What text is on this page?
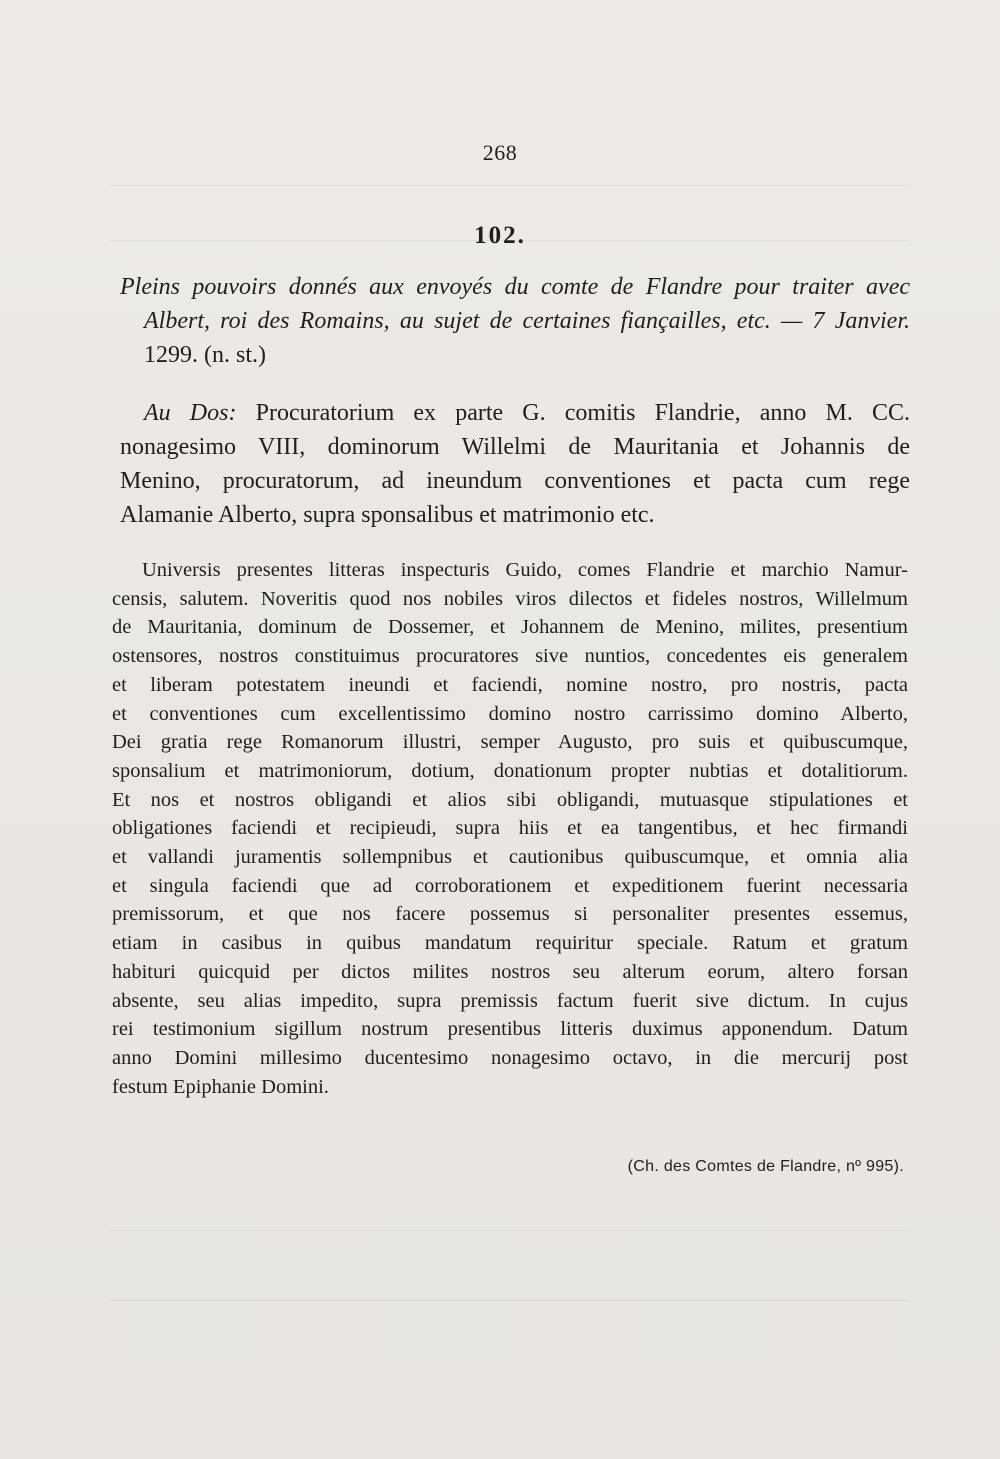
268
102.
Pleins pouvoirs donnés aux envoyés du comte de Flandre pour traiter avec
Albert, roi des Romains, au sujet de certaines fiançailles, etc. — 7 Janvier.
1299. (n. st.)
Au Dos: Procuratorium ex parte G. comitis Flandrie, anno M. CC.
nonagesimo VIII, dominorum Willelmi de Mauritania et Johannis de
Menino, procuratorum, ad ineundum conventiones et pacta cum rege
Alamanie Alberto, supra sponsalibus et matrimonio etc.
Universis presentes litteras inspecturis Guido, comes Flandrie et marchio Namur-
censis, salutem. Noveritis quod nos nobiles viros dilectos et fideles nostros, Willelmum
de Mauritania, dominum de Dossemer, et Johannem de Menino, milites, presentium
ostensores, nostros constituimus procuratores sive nuntios, concedentes eis generalem
et liberam potestatem ineundi et faciendi, nomine nostro, pro nostris, pacta
et conventiones cum excellentissimo domino nostro carrissimo domino Alberto,
Dei gratia rege Romanorum illustri, semper Augusto, pro suis et quibuscumque,
sponsalium et matrimoniorum, dotium, donationum propter nubtias et dotalitiorum.
Et nos et nostros obligandi et alios sibi obligandi, mutuasque stipulationes et
obligationes faciendi et recipieudi, supra hiis et ea tangentibus, et hec firmandi
et vallandi juramentis sollempnibus et cautionibus quibuscumque, et omnia alia
et singula faciendi que ad corroborationem et expeditionem fuerint necessaria
premissorum, et que nos facere possemus si personaliter presentes essemus,
etiam in casibus in quibus mandatum requiritur speciale. Ratum et gratum
habituri quicquid per dictos milites nostros seu alterum eorum, altero forsan
absente, seu alias impedito, supra premissis factum fuerit sive dictum. In cujus
rei testimonium sigillum nostrum presentibus litteris duximus apponendum. Datum
anno Domini millesimo ducentesimo nonagesimo octavo, in die mercurij post
festum Epiphanie Domini.
(Ch. des Comtes de Flandre, nº 995).
